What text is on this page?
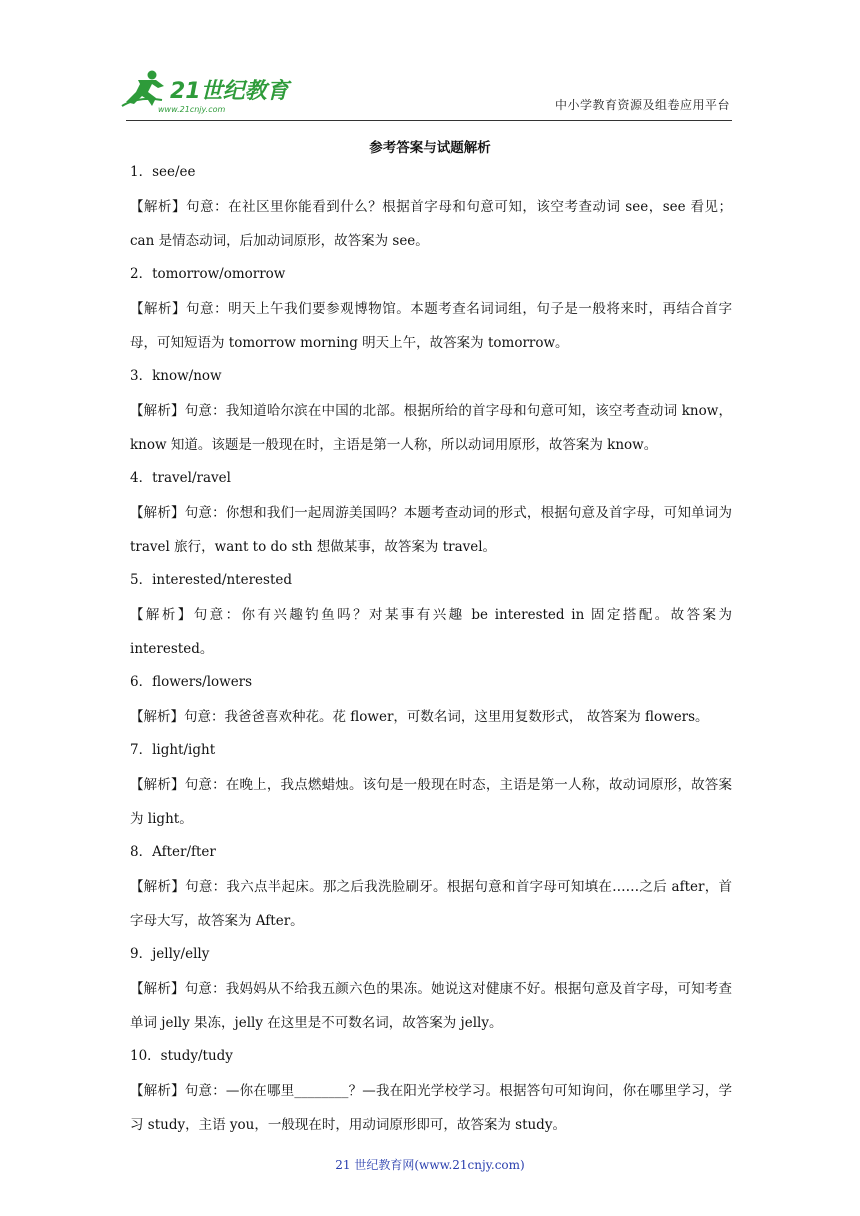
21世纪教育
www.21cnjy.com	中小学教育资源及组卷应用平台
参考答案与试题解析

1．see/ee

【解析】句意：在社区里你能看到什么？根据首字母和句意可知，该空考查动词 see，see 看见；can 是情态动词，后加动词原形，故答案为 see。

2．tomorrow/omorrow

【解析】句意：明天上午我们要参观博物馆。本题考查名词词组，句子是一般将来时，再结合首字母，可知短语为 tomorrow morning 明天上午，故答案为 tomorrow。

3．know/now

【解析】句意：我知道哈尔滨在中国的北部。根据所给的首字母和句意可知，该空考查动词 know，know 知道。该题是一般现在时，主语是第一人称，所以动词用原形，故答案为 know。

4．travel/ravel

【解析】句意：你想和我们一起周游美国吗？本题考查动词的形式，根据句意及首字母，可知单词为 travel 旅行，want to do sth 想做某事，故答案为 travel。

5．interested/nterested

【解析】句意：你有兴趣钓鱼吗？对某事有兴趣 be interested in 固定搭配。故答案为 interested。

6．flowers/lowers

【解析】句意：我爸爸喜欢种花。花 flower，可数名词，这里用复数形式， 故答案为 flowers。

7．light/ight

【解析】句意：在晚上，我点燃蜡烛。该句是一般现在时态，主语是第一人称，故动词原形，故答案为 light。

8．After/fter

【解析】句意：我六点半起床。那之后我洗脸刷牙。根据句意和首字母可知填在……之后 after，首字母大写，故答案为 After。

9．jelly/elly

【解析】句意：我妈妈从不给我五颜六色的果冻。她说这对健康不好。根据句意及首字母，可知考查单词 jelly 果冻，jelly 在这里是不可数名词，故答案为 jelly。

10．study/tudy

【解析】句意：—你在哪里________？—我在阳光学校学习。根据答句可知询问，你在哪里学习，学习 study，主语 you，一般现在时，用动词原形即可，故答案为 study。

21 世纪教育网(www.21cnjy.com)
